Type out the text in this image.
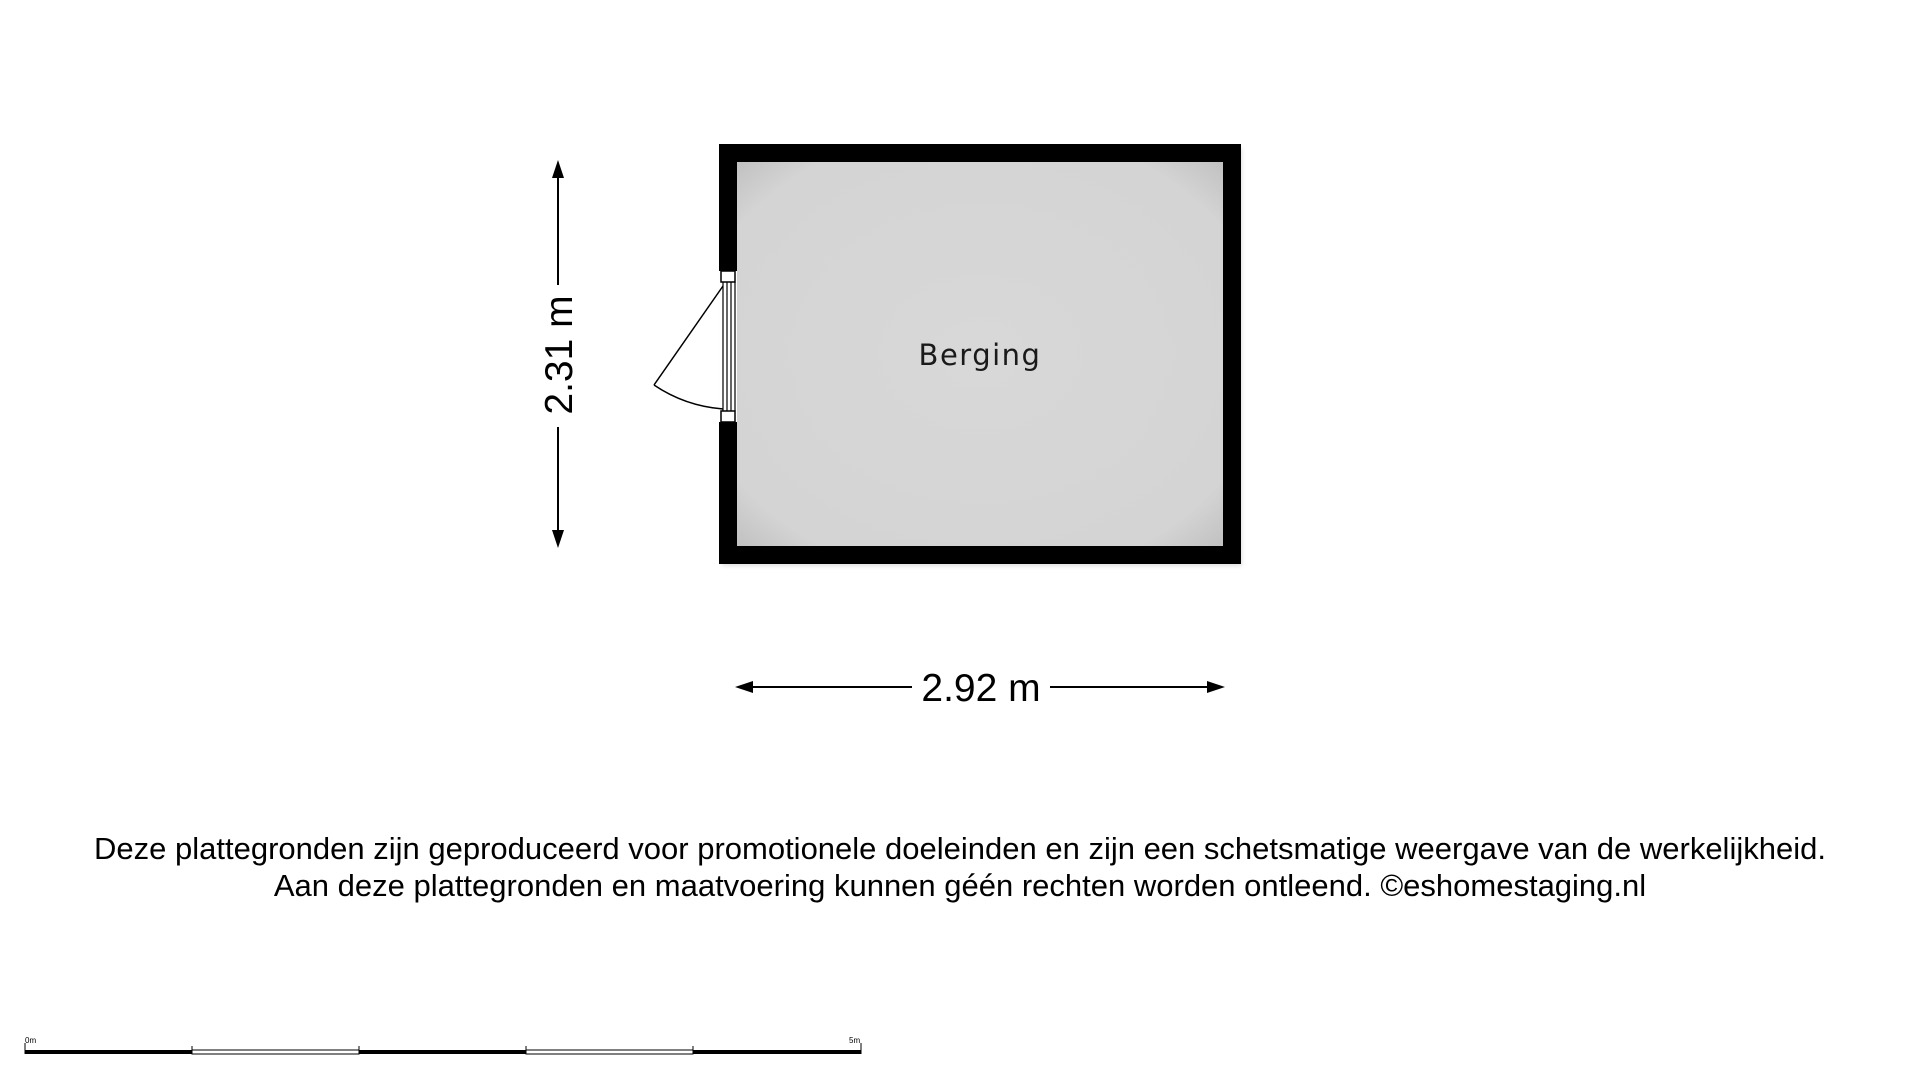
Berging
2.31 m
2.92 m
0m	5m
Deze plattegronden zijn geproduceerd voor promotionele doeleinden en zijn een schetsmatige weergave van de werkelijkheid.
Aan deze plattegronden en maatvoering kunnen géén rechten worden ontleend. ©eshomestaging.nl
